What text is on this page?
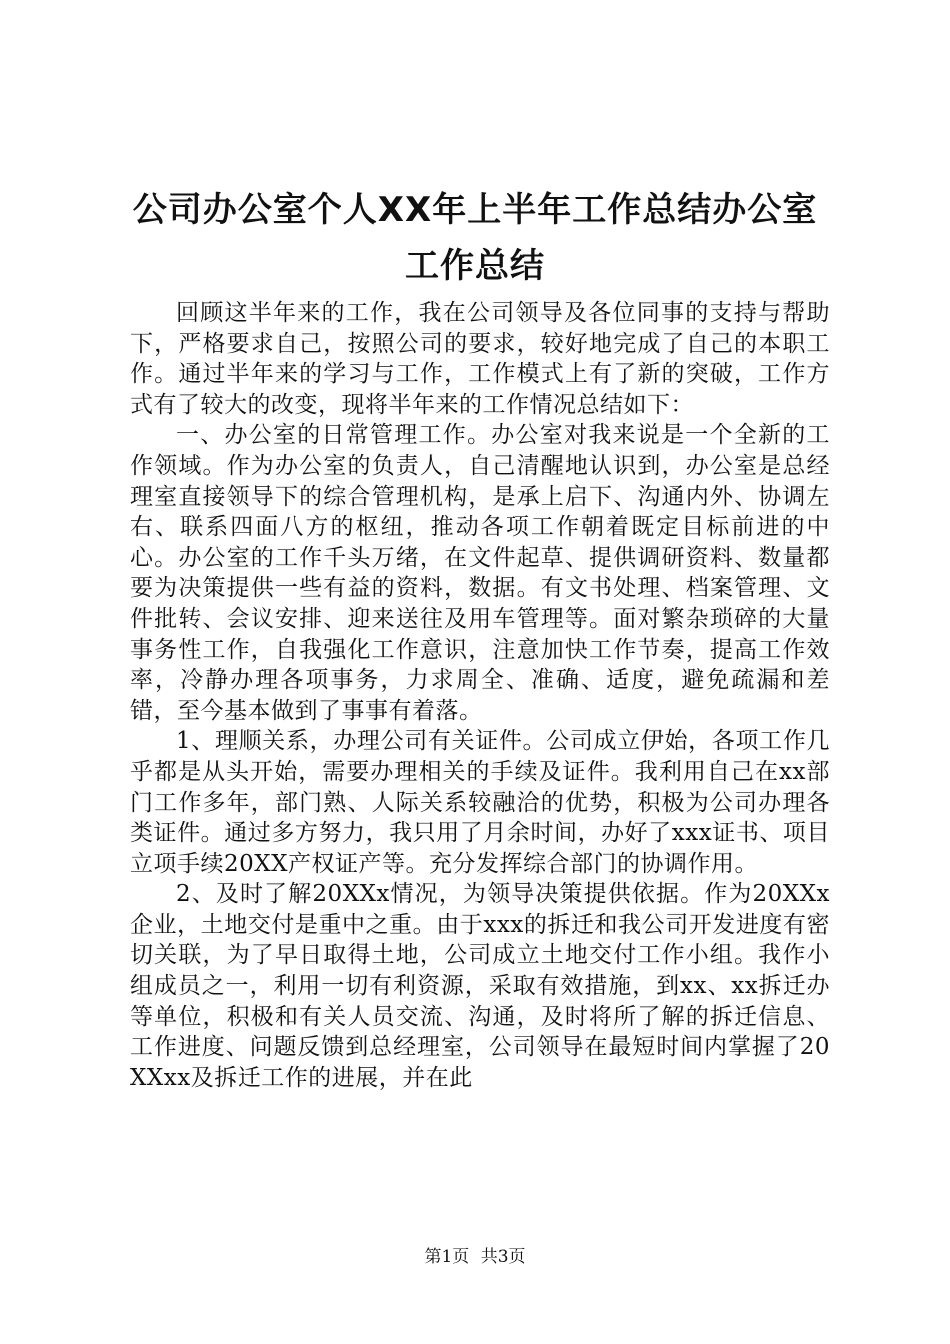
公司办公室个人XX年上半年工作总结办公室
工作总结

回顾这半年来的工作，我在公司领导及各位同事的支持与帮助下，严格要求自己，按照公司的要求，较好地完成了自己的本职工作。通过半年来的学习与工作，工作模式上有了新的突破，工作方式有了较大的改变，现将半年来的工作情况总结如下：

一、办公室的日常管理工作。办公室对我来说是一个全新的工作领域。作为办公室的负责人，自己清醒地认识到，办公室是总经理室直接领导下的综合管理机构，是承上启下、沟通内外、协调左右、联系四面八方的枢纽，推动各项工作朝着既定目标前进的中心。办公室的工作千头万绪，在文件起草、提供调研资料、数量都要为决策提供一些有益的资料，数据。有文书处理、档案管理、文件批转、会议安排、迎来送往及用车管理等。面对繁杂琐碎的大量事务性工作，自我强化工作意识，注意加快工作节奏，提高工作效率，冷静办理各项事务，力求周全、准确、适度，避免疏漏和差错，至今基本做到了事事有着落。

1、理顺关系，办理公司有关证件。公司成立伊始，各项工作几乎都是从头开始，需要办理相关的手续及证件。我利用自己在xx部门工作多年，部门熟、人际关系较融洽的优势，积极为公司办理各类证件。通过多方努力，我只用了月余时间，办好了xxx证书、项目立项手续20XX产权证产等。充分发挥综合部门的协调作用。

2、及时了解20XXx情况，为领导决策提供依据。作为20XXx企业，土地交付是重中之重。由于xxx的拆迁和我公司开发进度有密切关联，为了早日取得土地，公司成立土地交付工作小组。我作小组成员之一，利用一切有利资源，采取有效措施，到xx、xx拆迁办等单位，积极和有关人员交流、沟通，及时将所了解的拆迁信息、工作进度、问题反馈到总经理室，公司领导在最短时间内掌握了20XXxx及拆迁工作的进展，并在此

第1页 共3页
